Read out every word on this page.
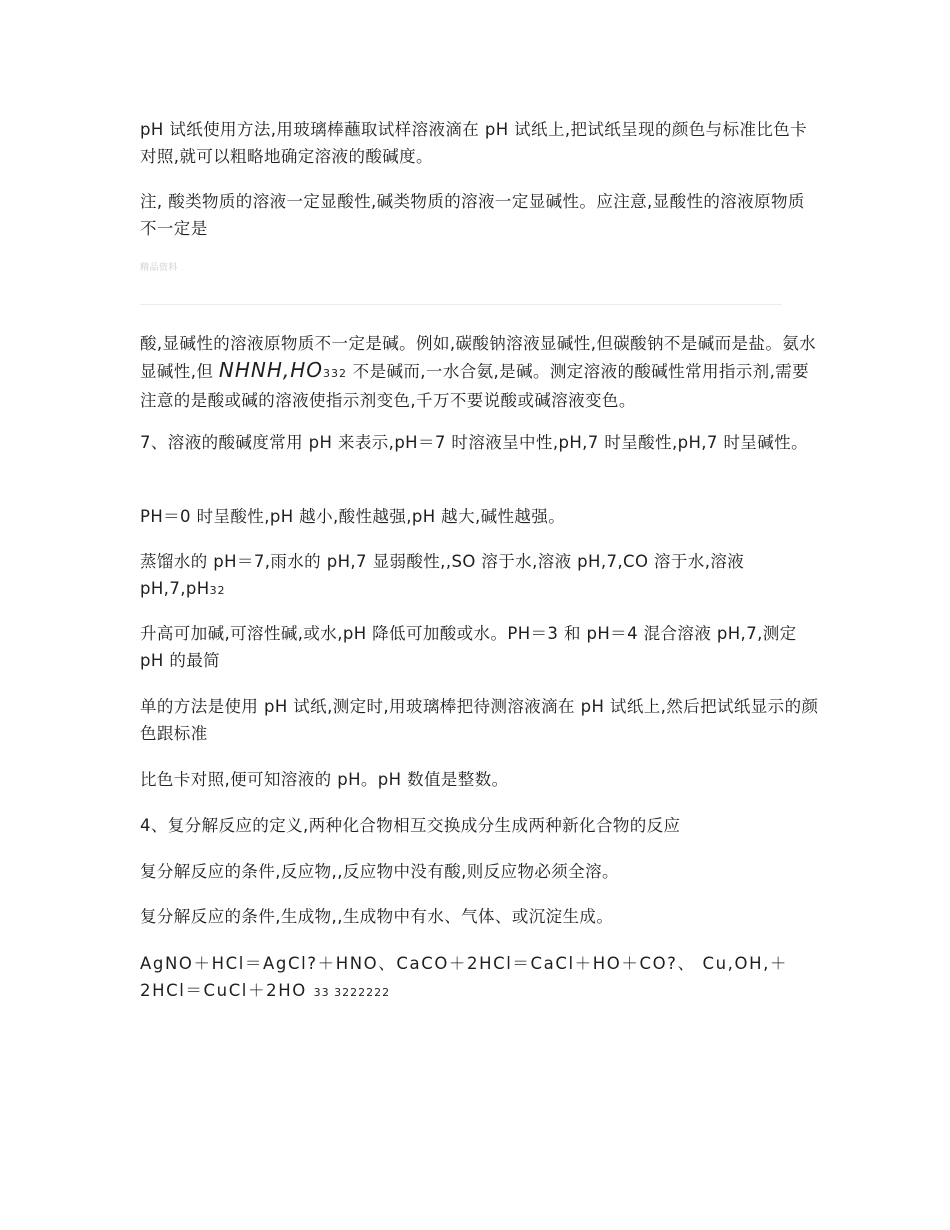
pH 试纸使用方法,用玻璃棒蘸取试样溶液滴在 pH 试纸上,把试纸呈现的颜色与标准比色卡对照,就可以粗略地确定溶液的酸碱度。

注, 酸类物质的溶液一定显酸性,碱类物质的溶液一定显碱性。应注意,显酸性的溶液原物质不一定是

精品资料

酸,显碱性的溶液原物质不一定是碱。例如,碳酸钠溶液显碱性,但碳酸钠不是碱而是盐。氨水显碱性,但 NHNH,HO332 不是碱而,一水合氨,是碱。测定溶液的酸碱性常用指示剂,需要注意的是酸或碱的溶液使指示剂变色,千万不要说酸或碱溶液变色。

7、溶液的酸碱度常用 pH 来表示,pH＝7 时溶液呈中性,pH,7 时呈酸性,pH,7 时呈碱性。

PH＝0 时呈酸性,pH 越小,酸性越强,pH 越大,碱性越强。

蒸馏水的 pH＝7,雨水的 pH,7 显弱酸性,,SO 溶于水,溶液 pH,7,CO 溶于水,溶液 pH,7,pH32

升高可加碱,可溶性碱,或水,pH 降低可加酸或水。PH＝3 和 pH＝4 混合溶液 pH,7,测定 pH 的最简

单的方法是使用 pH 试纸,测定时,用玻璃棒把待测溶液滴在 pH 试纸上,然后把试纸显示的颜色跟标准

比色卡对照,便可知溶液的 pH。pH 数值是整数。

4、复分解反应的定义,两种化合物相互交换成分生成两种新化合物的反应

复分解反应的条件,反应物,,反应物中没有酸,则反应物必须全溶。

复分解反应的条件,生成物,,生成物中有水、气体、或沉淀生成。

AgNO＋HCl＝AgCl?＋HNO、CaCO＋2HCl＝CaCl＋HO＋CO?、 Cu,OH,＋2HCl＝CuCl＋2HO 33 3222222
